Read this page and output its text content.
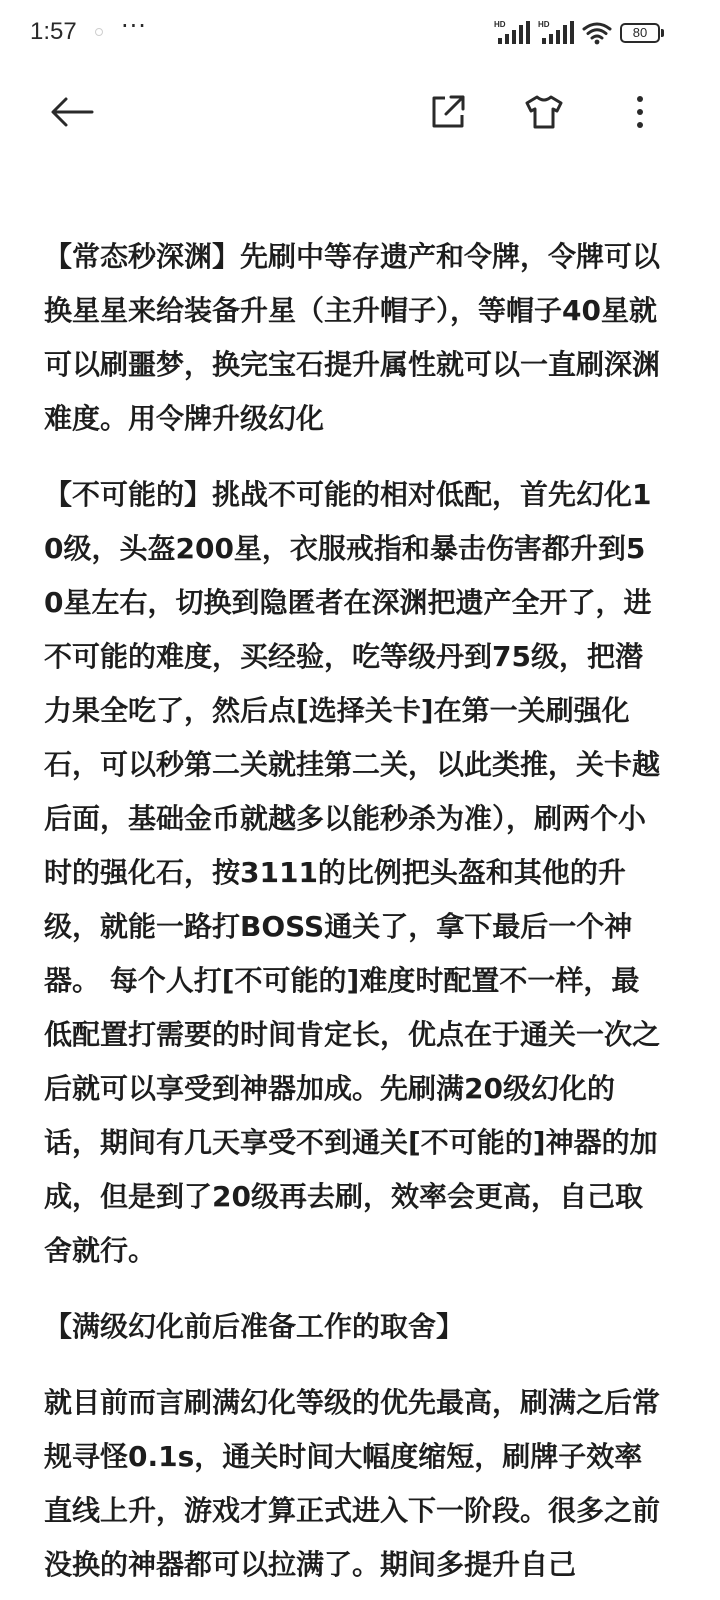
1:57 ···	HD	HD
80

【常态秒深渊】先刷中等存遗产和令牌，令牌可以换星星来给装备升星（主升帽子），等帽子40星就可以刷噩梦，换完宝石提升属性就可以一直刷深渊难度。用令牌升级幻化

【不可能的】挑战不可能的相对低配，首先幻化10级，头盔200星，衣服戒指和暴击伤害都升到50星左右，切换到隐匿者在深渊把遗产全开了，进不可能的难度，买经验，吃等级丹到75级，把潜力果全吃了，然后点[选择关卡]在第一关刷强化石，可以秒第二关就挂第二关，以此类推，关卡越后面，基础金币就越多以能秒杀为准），刷两个小时的强化石，按3111的比例把头盔和其他的升级，就能一路打BOSS通关了，拿下最后一个神器。 每个人打[不可能的]难度时配置不一样，最低配置打需要的时间肯定长，优点在于通关一次之后就可以享受到神器加成。先刷满20级幻化的话，期间有几天享受不到通关[不可能的]神器的加成，但是到了20级再去刷，效率会更高，自己取舍就行。

【满级幻化前后准备工作的取舍】

就目前而言刷满幻化等级的优先最高，刷满之后常规寻怪0.1s，通关时间大幅度缩短，刷牌子效率直线上升，游戏才算正式进入下一阶段。很多之前没换的神器都可以拉满了。期间多提升自己
